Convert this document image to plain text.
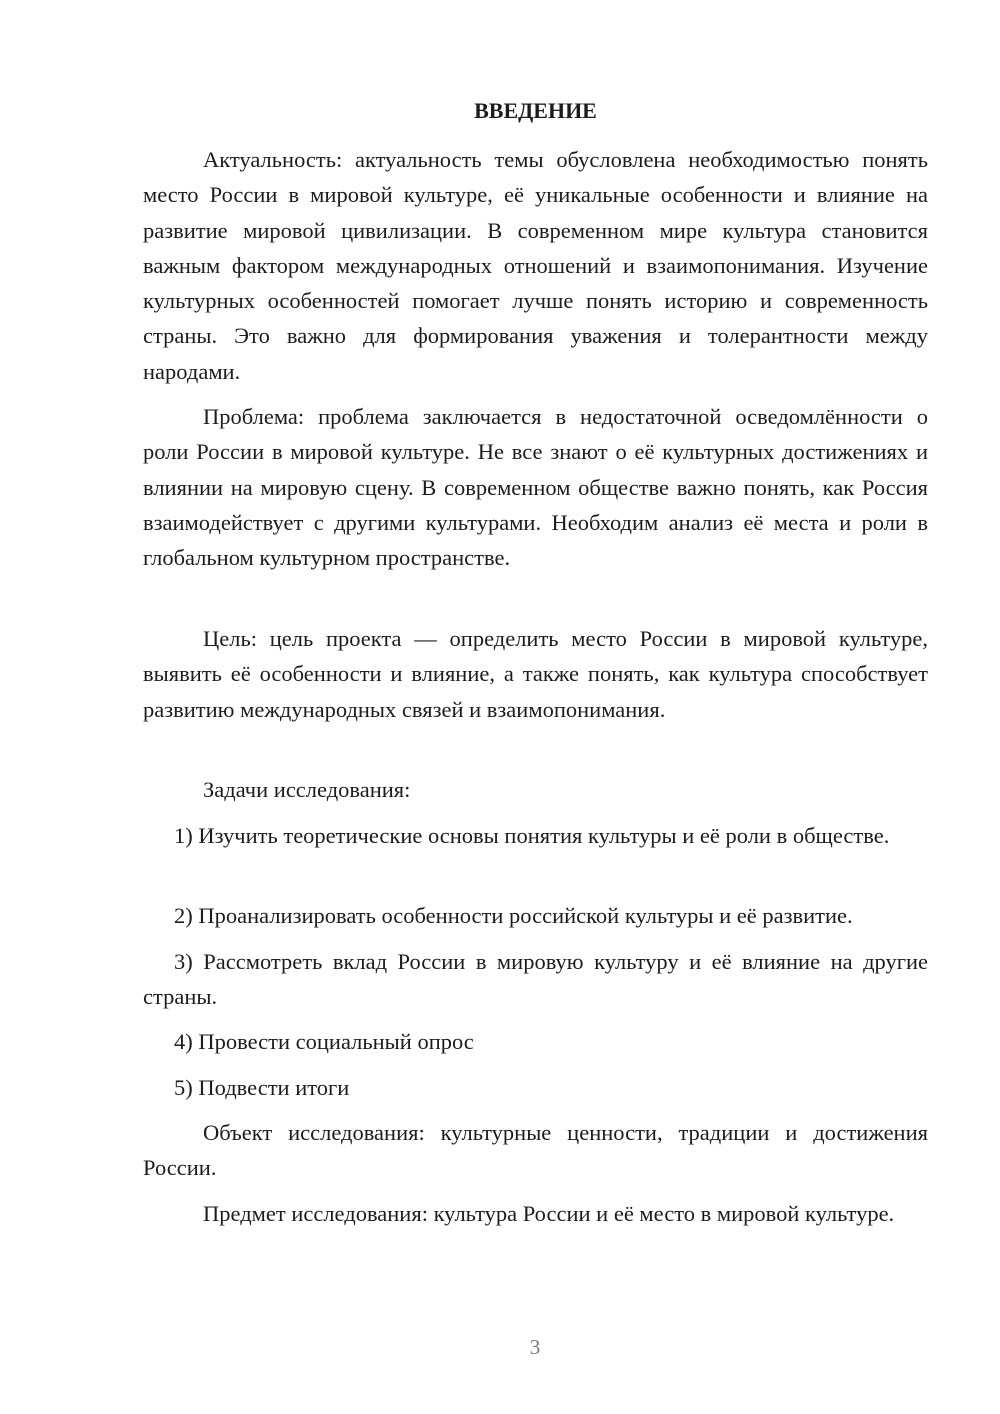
ВВЕДЕНИЕ

Актуальность: актуальность темы обусловлена необходимостью понять место России в мировой культуре, её уникальные особенности и влияние на развитие мировой цивилизации. В современном мире культура становится важным фактором международных отношений и взаимопонимания. Изучение культурных особенностей помогает лучше понять историю и современность страны. Это важно для формирования уважения и толерантности между народами.

Проблема: проблема заключается в недостаточной осведомлённости о роли России в мировой культуре. Не все знают о её культурных достижениях и влиянии на мировую сцену. В современном обществе важно понять, как Россия взаимодействует с другими культурами. Необходим анализ её места и роли в глобальном культурном пространстве.

Цель: цель проекта — определить место России в мировой культуре, выявить её особенности и влияние, а также понять, как культура способствует развитию международных связей и взаимопонимания.

Задачи исследования:

1) Изучить теоретические основы понятия культуры и её роли в обществе.

2) Проанализировать особенности российской культуры и её развитие.

3) Рассмотреть вклад России в мировую культуру и её влияние на другие страны.

4) Провести социальный опрос

5) Подвести итоги

Объект исследования: культурные ценности, традиции и достижения России.

Предмет исследования: культура России и её место в мировой культуре.

3
